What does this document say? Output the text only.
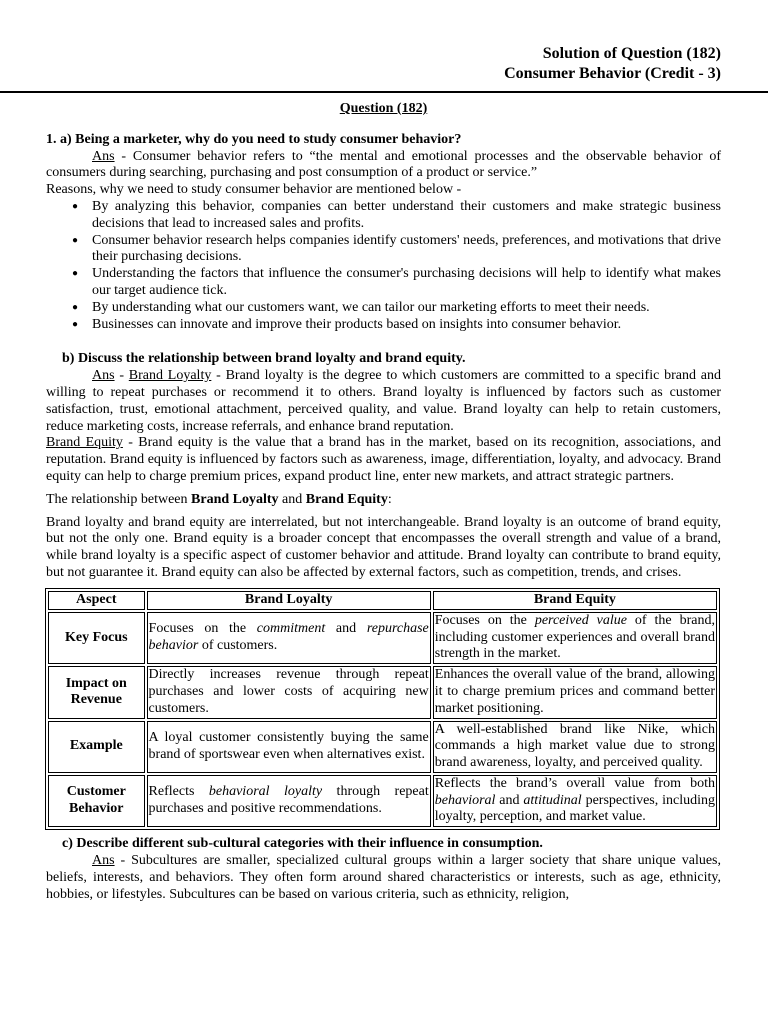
Solution of Question (182)
Consumer Behavior (Credit - 3)
Question (182)

1. a) Being a marketer, why do you need to study consumer behavior?

Ans - Consumer behavior refers to “the mental and emotional processes and the observable behavior of consumers during searching, purchasing and post consumption of a product or service.”

Reasons, why we need to study consumer behavior are mentioned below -

● By analyzing this behavior, companies can better understand their customers and make strategic business decisions that lead to increased sales and profits.
● Consumer behavior research helps companies identify customers' needs, preferences, and motivations that drive their purchasing decisions.
● Understanding the factors that influence the consumer's purchasing decisions will help to identify what makes our target audience tick.
● By understanding what our customers want, we can tailor our marketing efforts to meet their needs.
● Businesses can innovate and improve their products based on insights into consumer behavior.

b) Discuss the relationship between brand loyalty and brand equity.

Ans - Brand Loyalty - Brand loyalty is the degree to which customers are committed to a specific brand and willing to repeat purchases or recommend it to others. Brand loyalty is influenced by factors such as customer satisfaction, trust, emotional attachment, perceived quality, and value. Brand loyalty can help to retain customers, reduce marketing costs, increase referrals, and enhance brand reputation.

Brand Equity - Brand equity is the value that a brand has in the market, based on its recognition, associations, and reputation. Brand equity is influenced by factors such as awareness, image, differentiation, loyalty, and advocacy. Brand equity can help to charge premium prices, expand product line, enter new markets, and attract strategic partners.

The relationship between Brand Loyalty and Brand Equity:

Brand loyalty and brand equity are interrelated, but not interchangeable. Brand loyalty is an outcome of brand equity, but not the only one. Brand equity is a broader concept that encompasses the overall strength and value of a brand, while brand loyalty is a specific aspect of customer behavior and attitude. Brand loyalty can contribute to brand equity, but not guarantee it. Brand equity can also be affected by external factors, such as competition, trends, and crises.

Aspect	Brand Loyalty	Brand Equity
Key Focus	Focuses on the commitment and repurchase behavior of customers.	Focuses on the perceived value of the brand, including customer experiences and overall brand strength in the market.
Impact on Revenue	Directly increases revenue through repeat purchases and lower costs of acquiring new customers.	Enhances the overall value of the brand, allowing it to charge premium prices and command better market positioning.
Example	A loyal customer consistently buying the same brand of sportswear even when alternatives exist.	A well-established brand like Nike, which commands a high market value due to strong brand awareness, loyalty, and perceived quality.
Customer Behavior	Reflects behavioral loyalty through repeat purchases and positive recommendations.	Reflects the brand’s overall value from both behavioral and attitudinal perspectives, including loyalty, perception, and market value.

c) Describe different sub-cultural categories with their influence in consumption.

Ans - Subcultures are smaller, specialized cultural groups within a larger society that share unique values, beliefs, interests, and behaviors. They often form around shared characteristics or interests, such as age, ethnicity, hobbies, or lifestyles. Subcultures can be based on various criteria, such as ethnicity, religion,
